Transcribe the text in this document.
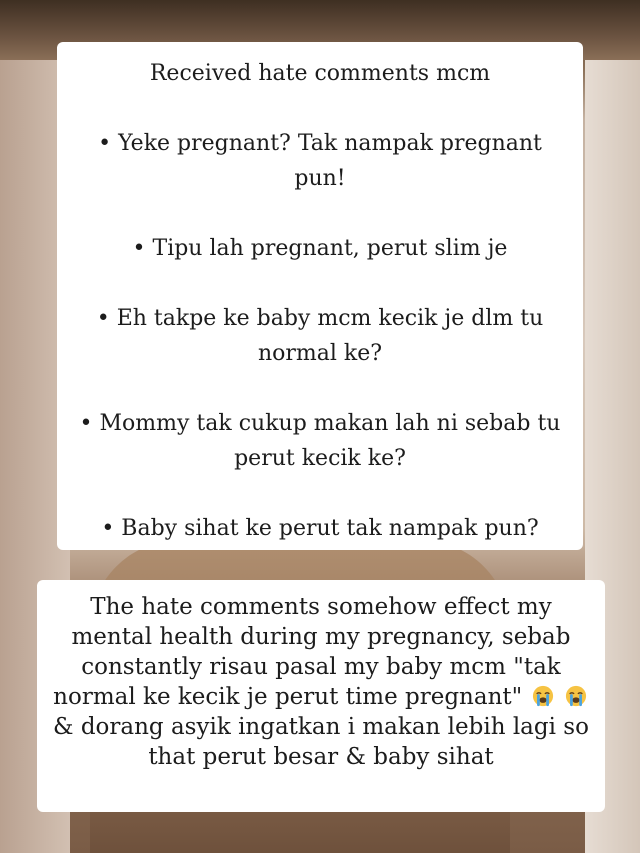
Received hate comments mcm
• Yeke pregnant? Tak nampak pregnant pun!
• Tipu lah pregnant, perut slim je
• Eh takpe ke baby mcm kecik je dlm tu normal ke?
• Mommy tak cukup makan lah ni sebab tu perut kecik ke?
• Baby sihat ke perut tak nampak pun?
The hate comments somehow effect my mental health during my pregnancy, sebab constantly risau pasal my baby mcm "tak normal ke kecik je perut time pregnant"   & dorang asyik ingatkan i makan lebih lagi so that perut besar & baby sihat
